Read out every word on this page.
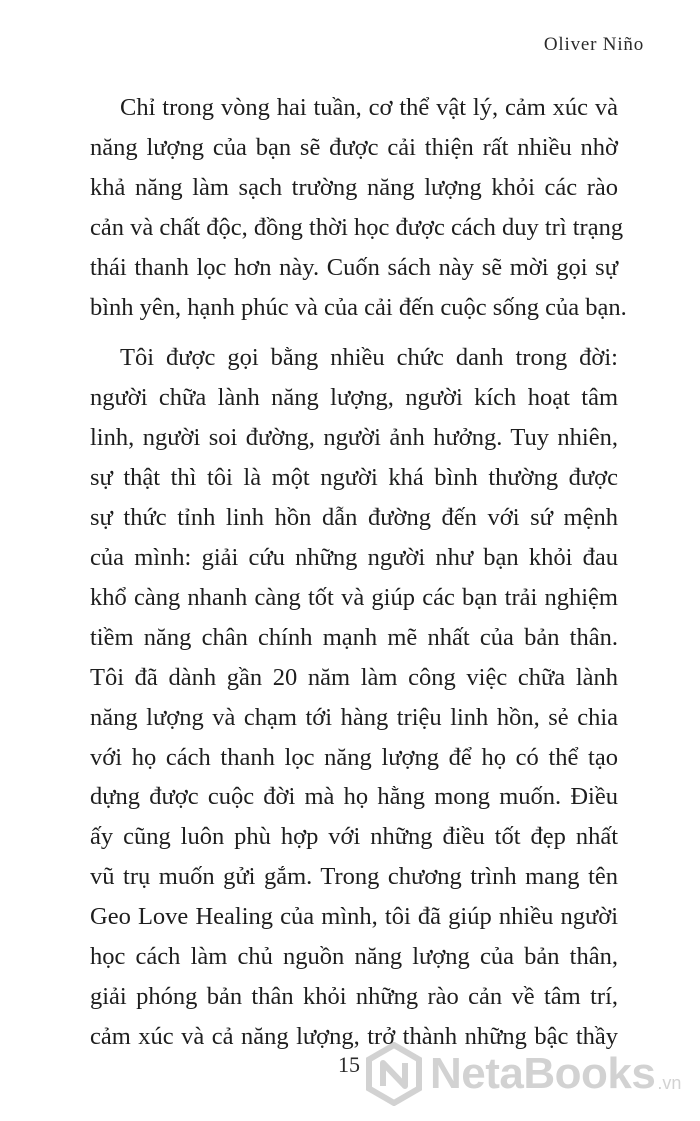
Oliver Niño
Chỉ trong vòng hai tuần, cơ thể vật lý, cảm xúc và
năng lượng của bạn sẽ được cải thiện rất nhiều nhờ
khả năng làm sạch trường năng lượng khỏi các rào
cản và chất độc, đồng thời học được cách duy trì trạng
thái thanh lọc hơn này. Cuốn sách này sẽ mời gọi sự
bình yên, hạnh phúc và của cải đến cuộc sống của bạn.
Tôi được gọi bằng nhiều chức danh trong đời:
người chữa lành năng lượng, người kích hoạt tâm
linh, người soi đường, người ảnh hưởng. Tuy nhiên,
sự thật thì tôi là một người khá bình thường được
sự thức tỉnh linh hồn dẫn đường đến với sứ mệnh
của mình: giải cứu những người như bạn khỏi đau
khổ càng nhanh càng tốt và giúp các bạn trải nghiệm
tiềm năng chân chính mạnh mẽ nhất của bản thân.
Tôi đã dành gần 20 năm làm công việc chữa lành
năng lượng và chạm tới hàng triệu linh hồn, sẻ chia
với họ cách thanh lọc năng lượng để họ có thể tạo
dựng được cuộc đời mà họ hằng mong muốn. Điều
ấy cũng luôn phù hợp với những điều tốt đẹp nhất
vũ trụ muốn gửi gắm. Trong chương trình mang tên
Geo Love Healing của mình, tôi đã giúp nhiều người
học cách làm chủ nguồn năng lượng của bản thân,
giải phóng bản thân khỏi những rào cản về tâm trí,
cảm xúc và cả năng lượng, trở thành những bậc thầy
15 NetaBooks .vn
